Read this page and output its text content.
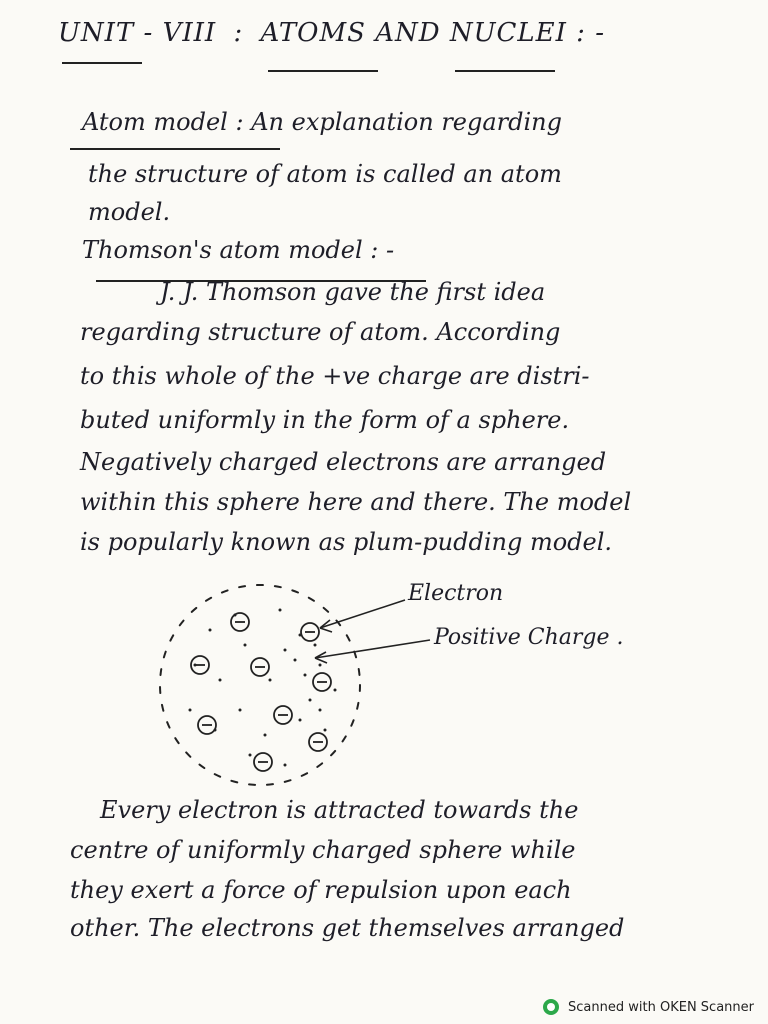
UNIT - VIII : ATOMS AND NUCLEI : -
Atom model : An explanation regarding
the structure of atom is called an atom
model.
Thomson's atom model : -
J. J. Thomson gave the first idea
regarding structure of atom. According
to this whole of the +ve charge are distri-
buted uniformly in the form of a sphere.
Negatively charged electrons are arranged
within this sphere here and there. The model
is popularly known as plum-pudding model.
Electron
Positive Charge .
Every electron is attracted towards the
centre of uniformly charged sphere while
they exert a force of repulsion upon each
other. The electrons get themselves arranged
Scanned with OKEN Scanner
